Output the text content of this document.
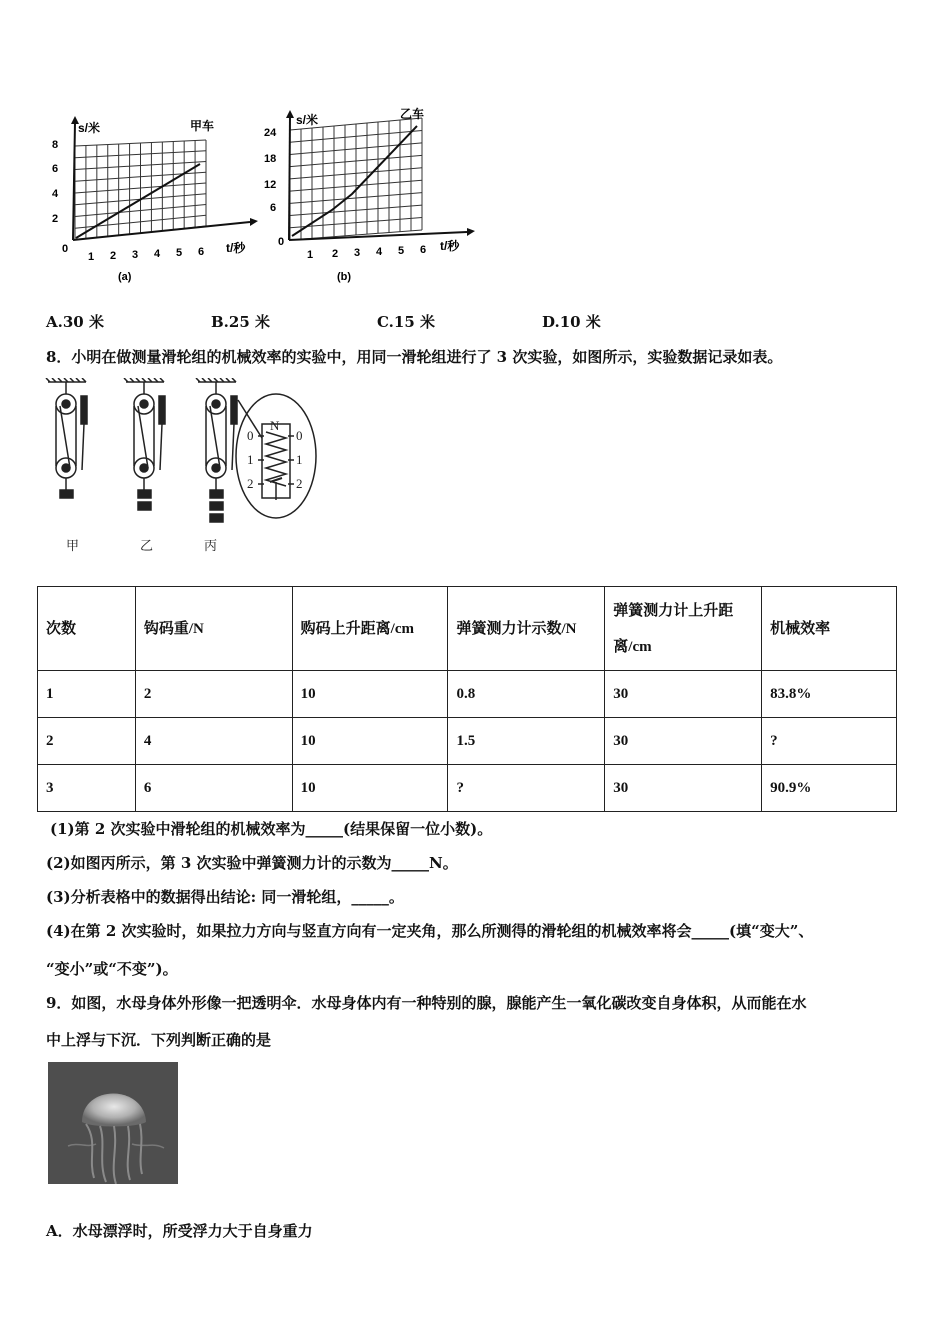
s/米	甲车
t/秒
0
2
4
6
8
1 2 3 4 5 6
(a)
s/米	乙车
t/秒
0
6
12
18
24
1 2 3 4 5 6
(b)
A.30 米	B.25 米	C.15 米	D.10 米
8．小明在做测量滑轮组的机械效率的实验中，用同一滑轮组进行了 3 次实验，如图所示，实验数据记录如表。
N
0	0
1	1
2	2
甲	乙	丙
次数	钩码重/N	购码上升距离/cm	弹簧测力计示数/N	弹簧测力计上升距离/cm	机械效率
1	2	10	0.8	30	83.8%
2	4	10	1.5	30	?
3	6	10	?	30	90.9%
(1)第 2 次实验中滑轮组的机械效率为_____(结果保留一位小数)。
(2)如图丙所示，第 3 次实验中弹簧测力计的示数为_____N。
(3)分析表格中的数据得出结论: 同一滑轮组，_____。
(4)在第 2 次实验时，如果拉力方向与竖直方向有一定夹角，那么所测得的滑轮组的机械效率将会_____(填“变大”、
“变小”或“不变”)。
9．如图，水母身体外形像一把透明伞．水母身体内有一种特别的腺，腺能产生一氧化碳改变自身体积，从而能在水
中上浮与下沉．下列判断正确的是
A．水母漂浮时，所受浮力大于自身重力
